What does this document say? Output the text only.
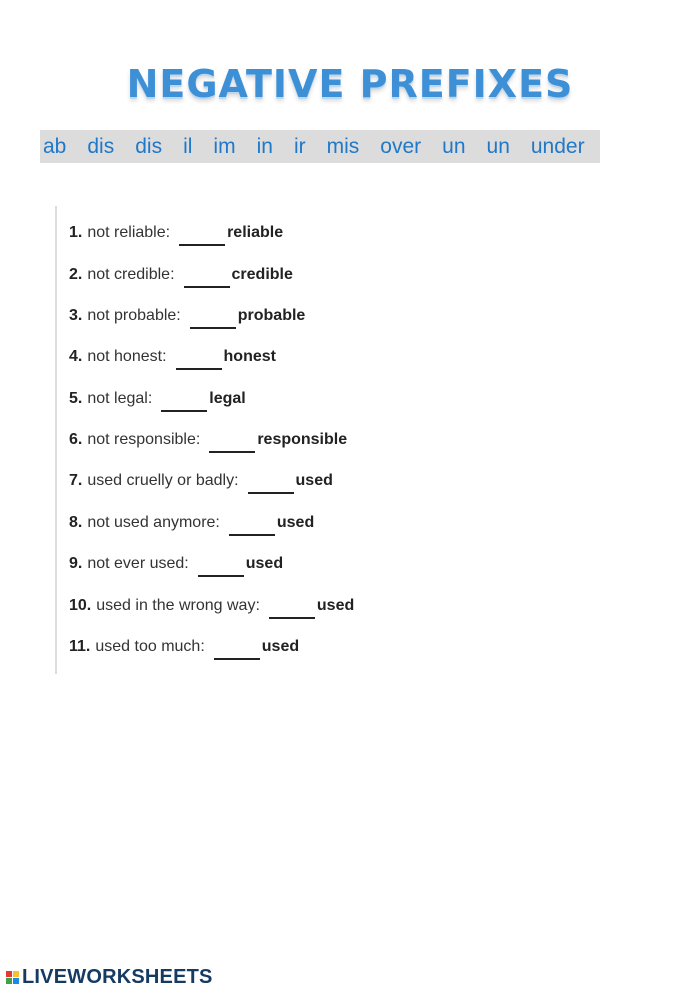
NEGATIVE PREFIXES
ab dis dis il im in ir mis over un un under
1. not reliable:	reliable
2. not credible:	credible
3. not probable:	probable
4. not honest:	honest
5. not legal:	legal
6. not responsible:	responsible
7. used cruelly or badly:	used
8. not used anymore:	used
9. not ever used:	used
10. used in the wrong way:	used
11. used too much:	used
LIVEWORKSHEETS
